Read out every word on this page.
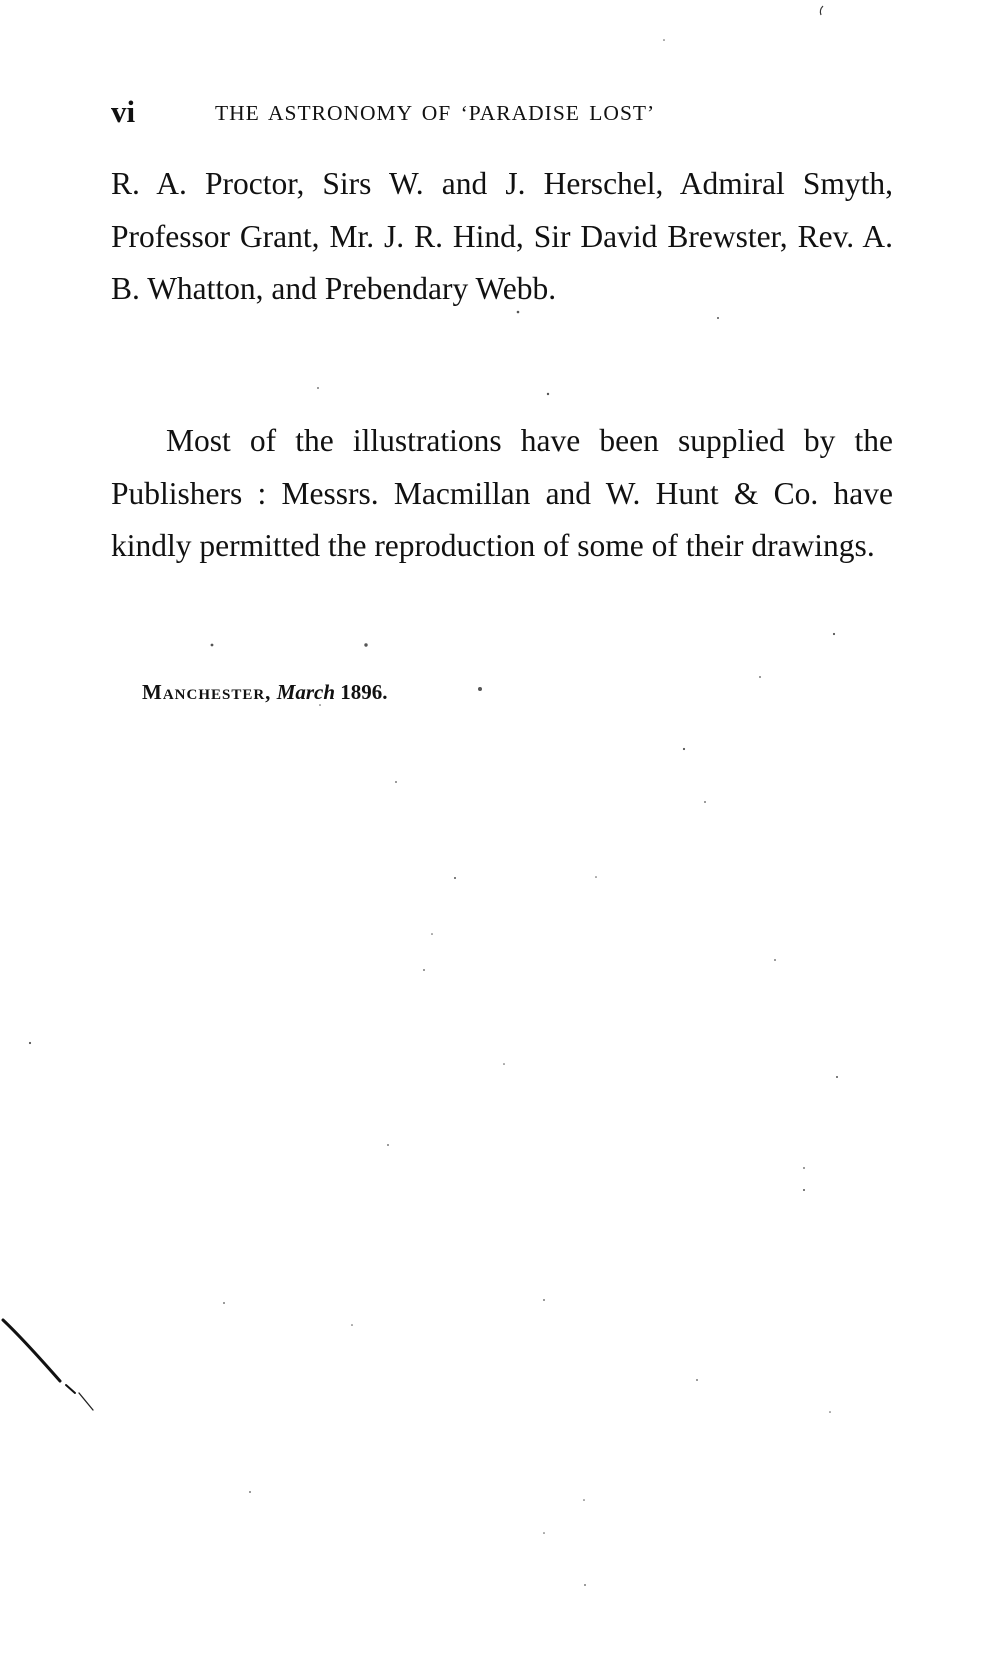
vi	THE ASTRONOMY OF ‘PARADISE LOST’

R. A. Proctor, Sirs W. and J. Herschel, Admiral Smyth, Professor Grant, Mr. J. R. Hind, Sir David Brewster, Rev. A. B. Whatton, and Prebendary Webb.

Most of the illustrations have been supplied by the Publishers : Messrs. Macmillan and W. Hunt & Co. have kindly permitted the reproduction of some of their drawings.

Manchester, March 1896.
